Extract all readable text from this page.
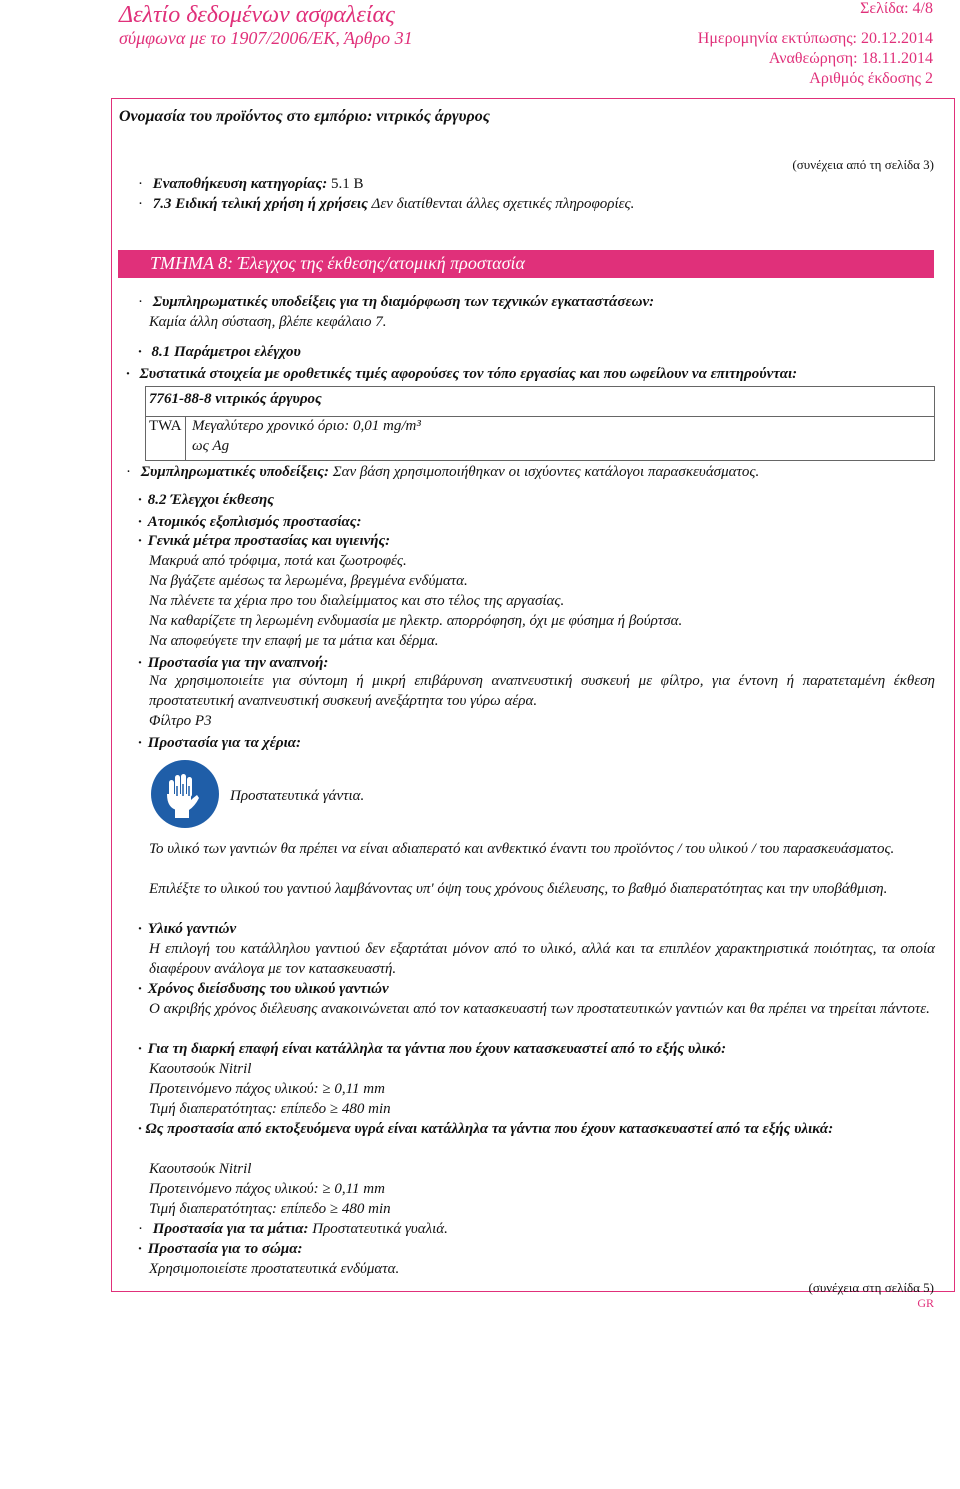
Δελτίο δεδομένων ασφαλείας
σύμφωνα με το 1907/2006/ΕΚ, Άρθρο 31
Σελίδα: 4/8
Ημερομηνία εκτύπωσης: 20.12.2014
Αναθεώρηση: 18.11.2014
Αριθμός έκδοσης 2
Ονομασία του προϊόντος στο εμπόριο: νιτρικός άργυρος
(συνέχεια από τη σελίδα 3)
· Εναποθήκευση κατηγορίας: 5.1 B
· 7.3 Ειδική τελική χρήση ή χρήσεις Δεν διατίθενται άλλες σχετικές πληροφορίες.
ΤΜΗΜΑ 8: Έλεγχος της έκθεσης/ατομική προστασία
· Συμπληρωματικές υποδείξεις για τη διαμόρφωση των τεχνικών εγκαταστάσεων:
Καμία άλλη σύσταση, βλέπε κεφάλαιο 7.
· 8.1 Παράμετροι ελέγχου
· Συστατικά στοιχεία με οροθετικές τιμές αφορούσες τον τόπο εργασίας και που ωφείλουν να επιτηρούνται:
7761-88-8 νιτρικός άργυρος
TWA Μεγαλύτερο χρονικό όριο: 0,01 mg/m³
ως Ag
· Συμπληρωματικές υποδείξεις: Σαν βάση χρησιμοποιήθηκαν οι ισχύοντες κατάλογοι παρασκευάσματος.
· 8.2 Έλεγχοι έκθεσης
· Ατομικός εξοπλισμός προστασίας:
· Γενικά μέτρα προστασίας και υγιεινής:
Μακρυά από τρόφιμα, ποτά και ζωοτροφές.
Να βγάζετε αμέσως τα λερωμένα, βρεγμένα ενδύματα.
Να πλένετε τα χέρια προ του διαλείμματος και στο τέλος της αργασίας.
Να καθαρίζετε τη λερωμένη ενδυμασία με ηλεκτρ. απορρόφηση, όχι με φύσημα ή βούρτσα.
Να αποφεύγετε την επαφή με τα μάτια και δέρμα.
· Προστασία για την αναπνοή:
Να χρησιμοποιείτε για σύντομη ή μικρή επιβάρυνση αναπνευστική συσκευή με φίλτρο, για έντονη ή παρατεταμένη έκθεση προστατευτική αναπνευστική συσκευή ανεξάρτητα του γύρω αέρα.
Φίλτρο P3
· Προστασία για τα χέρια:
Προστατευτικά γάντια.
Το υλικό των γαντιών θα πρέπει να είναι αδιαπερατό και ανθεκτικό έναντι του προϊόντος / του υλικού / του παρασκευάσματος.
Επιλέξτε το υλικού του γαντιού λαμβάνοντας υπ' όψη τους χρόνους διέλευσης, το βαθμό διαπερατότητας και την υποβάθμιση.
· Υλικό γαντιών
Η επιλογή του κατάλληλου γαντιού δεν εξαρτάται μόνον από το υλικό, αλλά και τα επιπλέον χαρακτηριστικά ποιότητας, τα οποία διαφέρουν ανάλογα με τον κατασκευαστή.
· Χρόνος διείσδυσης του υλικού γαντιών
Ο ακριβής χρόνος διέλευσης ανακοινώνεται από τον κατασκευαστή των προστατευτικών γαντιών και θα πρέπει να τηρείται πάντοτε.
· Για τη διαρκή επαφή είναι κατάλληλα τα γάντια που έχουν κατασκευαστεί από το εξής υλικό:
Καουτσούκ Nitril
Προτεινόμενο πάχος υλικού: ≥ 0,11 mm
Τιμή διαπερατότητας: επίπεδο ≥ 480 min
· Ως προστασία από εκτοξευόμενα υγρά είναι κατάλληλα τα γάντια που έχουν κατασκευαστεί από τα εξής υλικά:
Καουτσούκ Nitril
Προτεινόμενο πάχος υλικού: ≥ 0,11 mm
Τιμή διαπερατότητας: επίπεδο ≥ 480 min
· Προστασία για τα μάτια: Προστατευτικά γυαλιά.
· Προστασία για το σώμα:
Χρησιμοποιείστε προστατευτικά ενδύματα.
(συνέχεια στη σελίδα 5)
GR
